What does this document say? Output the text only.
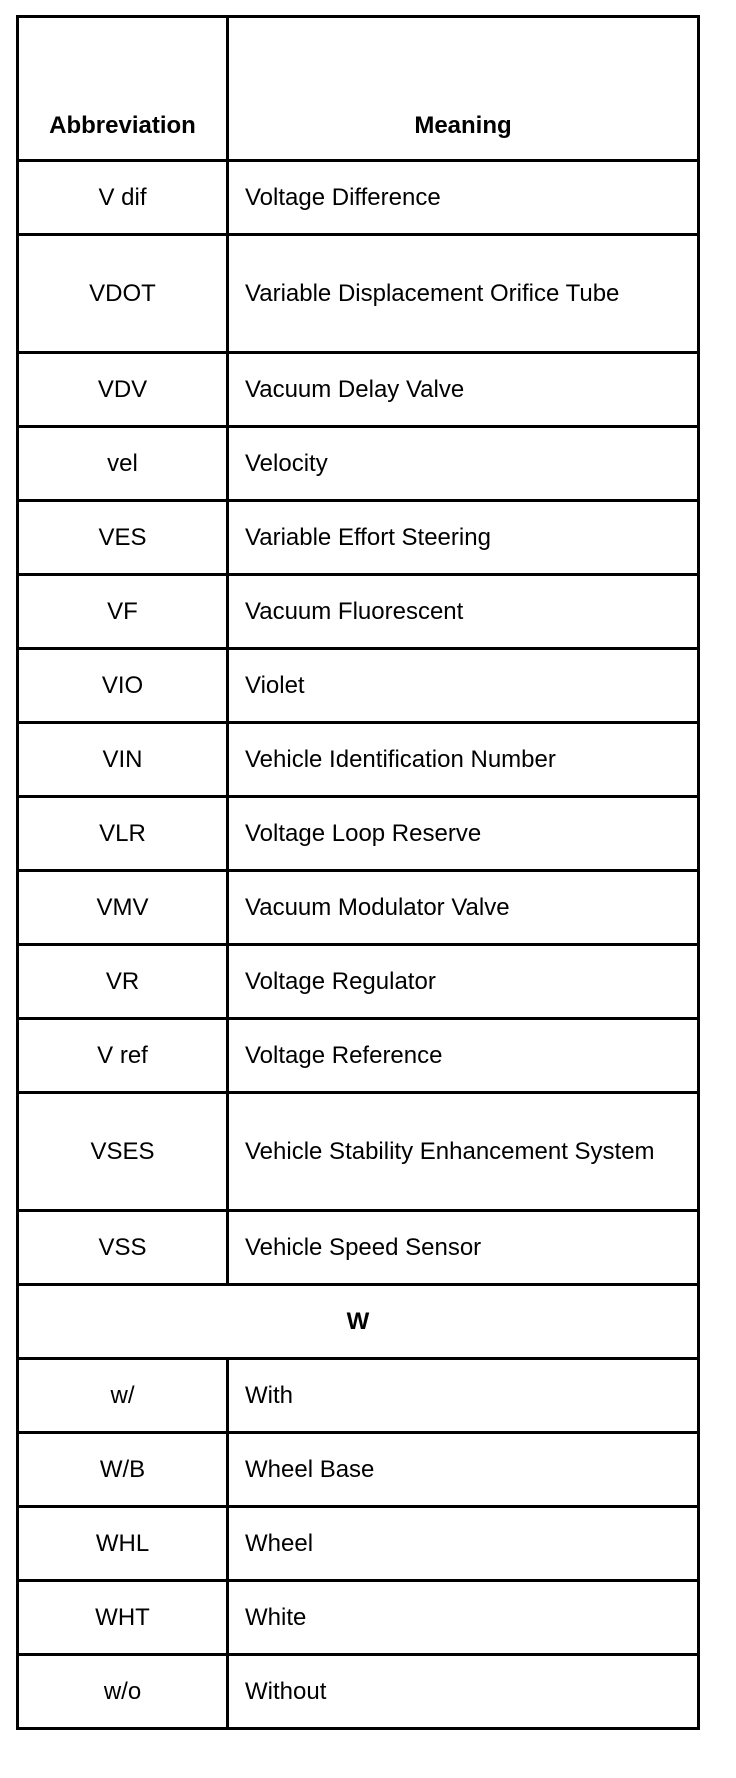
Abbreviation	Meaning
V dif	Voltage Difference
VDOT	Variable Displacement Orifice Tube
VDV	Vacuum Delay Valve
vel	Velocity
VES	Variable Effort Steering
VF	Vacuum Fluorescent
VIO	Violet
VIN	Vehicle Identification Number
VLR	Voltage Loop Reserve
VMV	Vacuum Modulator Valve
VR	Voltage Regulator
V ref	Voltage Reference
VSES	Vehicle Stability Enhancement System
VSS	Vehicle Speed Sensor
W	
w/	With
W/B	Wheel Base
WHL	Wheel
WHT	White
w/o	Without
